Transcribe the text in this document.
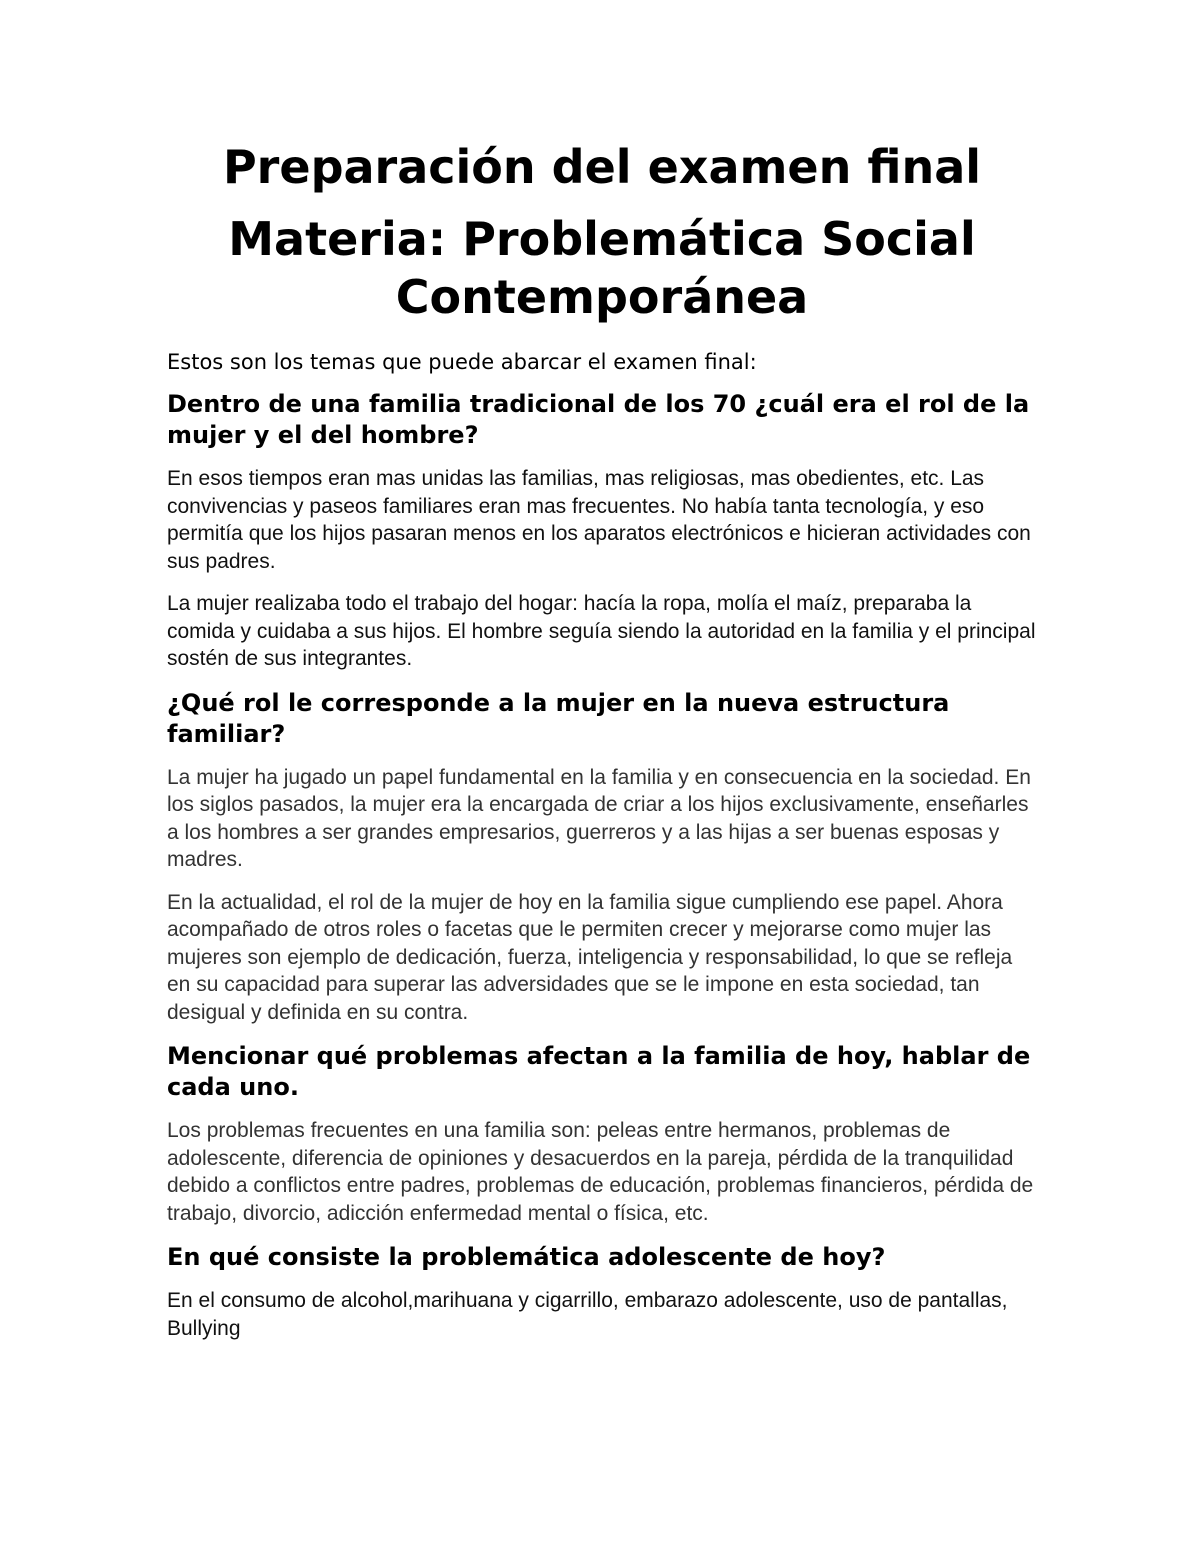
Preparación del examen final
Materia: Problemática Social Contemporánea

Estos son los temas que puede abarcar el examen final:

Dentro de una familia tradicional de los 70 ¿cuál era el rol de la mujer y el del hombre?

En esos tiempos eran mas unidas las familias, mas religiosas, mas obedientes, etc. Las convivencias y paseos familiares eran mas frecuentes. No había tanta tecnología, y eso permitía que los hijos pasaran menos en los aparatos electrónicos e hicieran actividades con sus padres.

La mujer realizaba todo el trabajo del hogar: hacía la ropa, molía el maíz, preparaba la comida y cuidaba a sus hijos. El hombre seguía siendo la autoridad en la familia y el principal sostén de sus integrantes.

¿Qué rol le corresponde a la mujer en la nueva estructura familiar?

La mujer ha jugado un papel fundamental en la familia y en consecuencia en la sociedad. En los siglos pasados, la mujer era la encargada de criar a los hijos exclusivamente, enseñarles a los hombres a ser grandes empresarios, guerreros y a las hijas a ser buenas esposas y madres.

En la actualidad, el rol de la mujer de hoy en la familia sigue cumpliendo ese papel. Ahora acompañado de otros roles o facetas que le permiten crecer y mejorarse como mujer las mujeres son ejemplo de dedicación, fuerza, inteligencia y responsabilidad, lo que se refleja en su capacidad para superar las adversidades que se le impone en esta sociedad, tan desigual y definida en su contra.

Mencionar qué problemas afectan a la familia de hoy, hablar de cada uno.

Los problemas frecuentes en una familia son: peleas entre hermanos, problemas de adolescente, diferencia de opiniones y desacuerdos en la pareja, pérdida de la tranquilidad debido a conflictos entre padres, problemas de educación, problemas financieros, pérdida de trabajo, divorcio, adicción enfermedad mental o física, etc.

En qué consiste la problemática adolescente de hoy?

En el consumo de alcohol,marihuana y cigarrillo, embarazo adolescente, uso de pantallas, Bullying
